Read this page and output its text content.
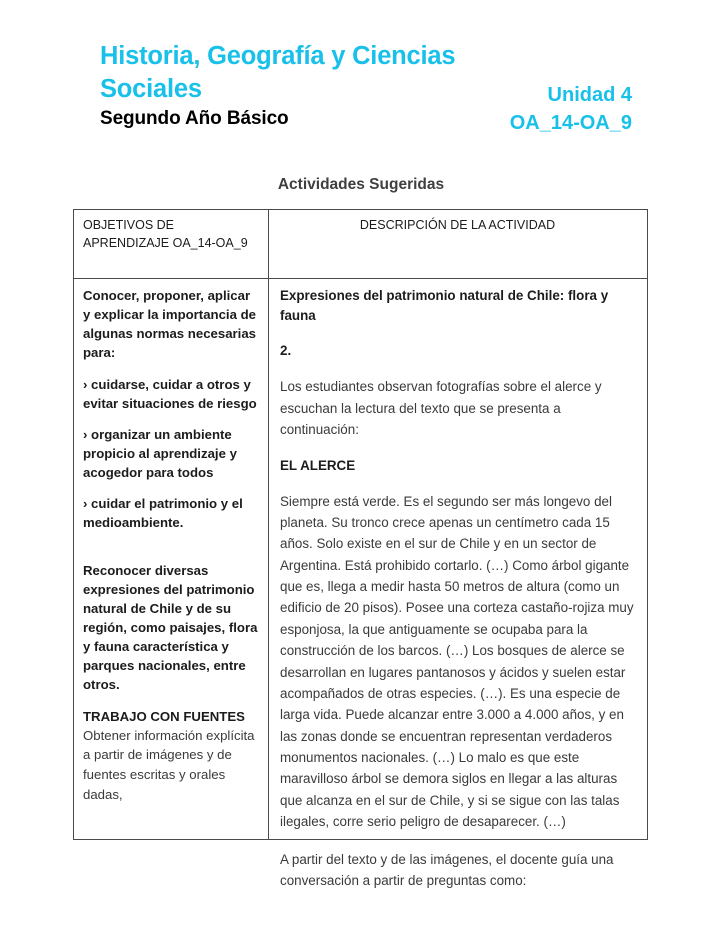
Historia, Geografía y Ciencias Sociales
Segundo Año Básico
Unidad 4
OA_14-OA_9
Actividades Sugeridas
OBJETIVOS DE APRENDIZAJE OA_14-OA_9
DESCRIPCIÓN DE LA ACTIVIDAD

Conocer, proponer, aplicar y explicar la importancia de algunas normas necesarias para:

› cuidarse, cuidar a otros y evitar situaciones de riesgo

› organizar un ambiente propicio al aprendizaje y acogedor para todos

› cuidar el patrimonio y el medioambiente.

Reconocer diversas expresiones del patrimonio natural de Chile y de su región, como paisajes, flora y fauna característica y parques nacionales, entre otros.

TRABAJO CON FUENTES

Obtener información explícita a partir de imágenes y de fuentes escritas y orales dadas,

Expresiones del patrimonio natural de Chile: flora y fauna

2.

Los estudiantes observan fotografías sobre el alerce y escuchan la lectura del texto que se presenta a continuación:

EL ALERCE

Siempre está verde. Es el segundo ser más longevo del planeta. Su tronco crece apenas un centímetro cada 15 años. Solo existe en el sur de Chile y en un sector de Argentina. Está prohibido cortarlo. (…) Como árbol gigante que es, llega a medir hasta 50 metros de altura (como un edificio de 20 pisos). Posee una corteza castaño-rojiza muy esponjosa, la que antiguamente se ocupaba para la construcción de los barcos. (…) Los bosques de alerce se desarrollan en lugares pantanosos y ácidos y suelen estar acompañados de otras especies. (…). Es una especie de larga vida. Puede alcanzar entre 3.000 a 4.000 años, y en las zonas donde se encuentran representan verdaderos monumentos nacionales. (…) Lo malo es que este maravilloso árbol se demora siglos en llegar a las alturas que alcanza en el sur de Chile, y si se sigue con las talas ilegales, corre serio peligro de desaparecer. (…)

A partir del texto y de las imágenes, el docente guía una conversación a partir de preguntas como:
